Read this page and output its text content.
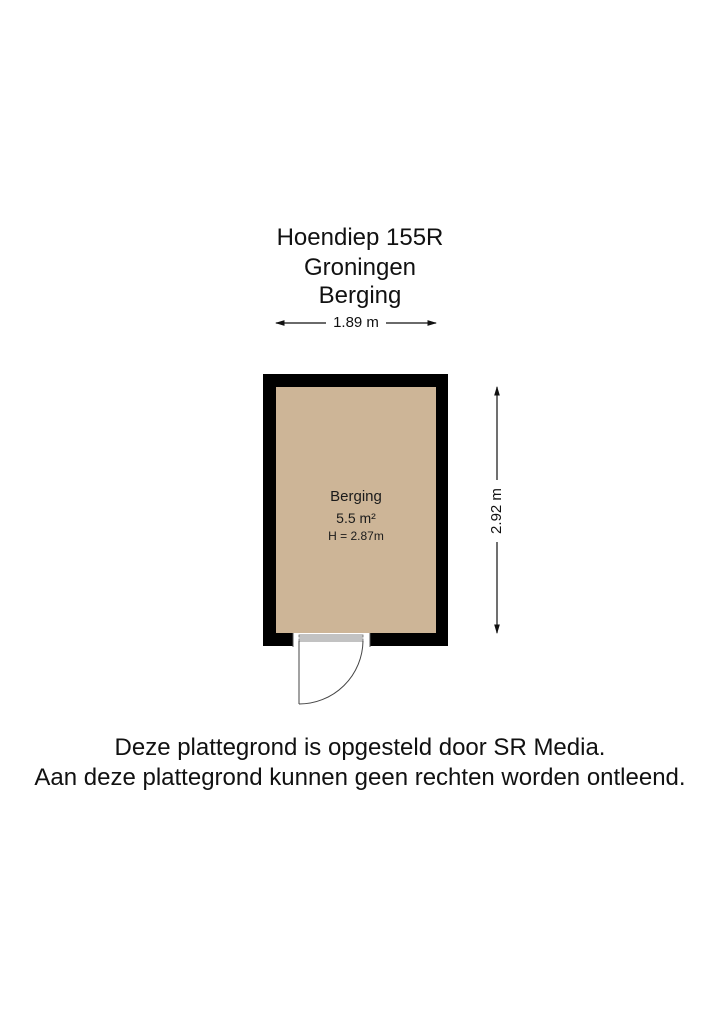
Hoendiep 155R
Groningen
Berging
1.89 m
2.92 m
Berging
5.5 m²
H = 2.87m
Deze plattegrond is opgesteld door SR Media.
Aan deze plattegrond kunnen geen rechten worden ontleend.
